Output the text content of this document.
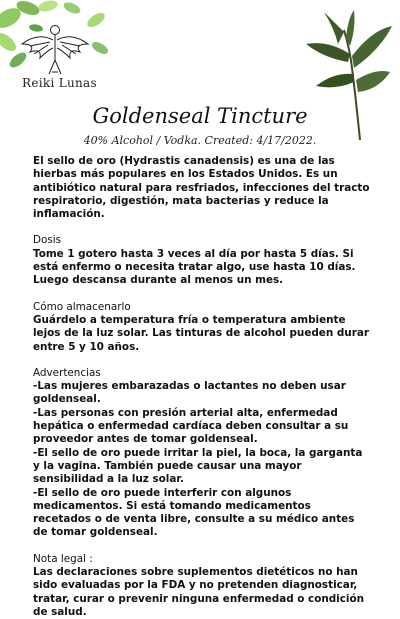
Reiki Lunas
Goldenseal Tincture
40% Alcohol / Vodka. Created: 4/17/2022.

El sello de oro (Hydrastis canadensis) es una de las hierbas más populares en los Estados Unidos. Es un antibiótico natural para resfriados, infecciones del tracto respiratorio, digestión, mata bacterias y reduce la inflamación.

Dosis

Tome 1 gotero hasta 3 veces al día por hasta 5 días. Si está enfermo o necesita tratar algo, use hasta 10 días. Luego descansa durante al menos un mes.

Cómo almacenarlo

Guárdelo a temperatura fría o temperatura ambiente lejos de la luz solar. Las tinturas de alcohol pueden durar entre 5 y 10 años.

Advertencias

-Las mujeres embarazadas o lactantes no deben usar goldenseal.

-Las personas con presión arterial alta, enfermedad hepática o enfermedad cardíaca deben consultar a su proveedor antes de tomar goldenseal.

-El sello de oro puede irritar la piel, la boca, la garganta y la vagina. También puede causar una mayor sensibilidad a la luz solar.

-El sello de oro puede interferir con algunos medicamentos. Si está tomando medicamentos recetados o de venta libre, consulte a su médico antes de tomar goldenseal.

Nota legal :

Las declaraciones sobre suplementos dietéticos no han sido evaluadas por la FDA y no pretenden diagnosticar, tratar, curar o prevenir ninguna enfermedad o condición de salud.
